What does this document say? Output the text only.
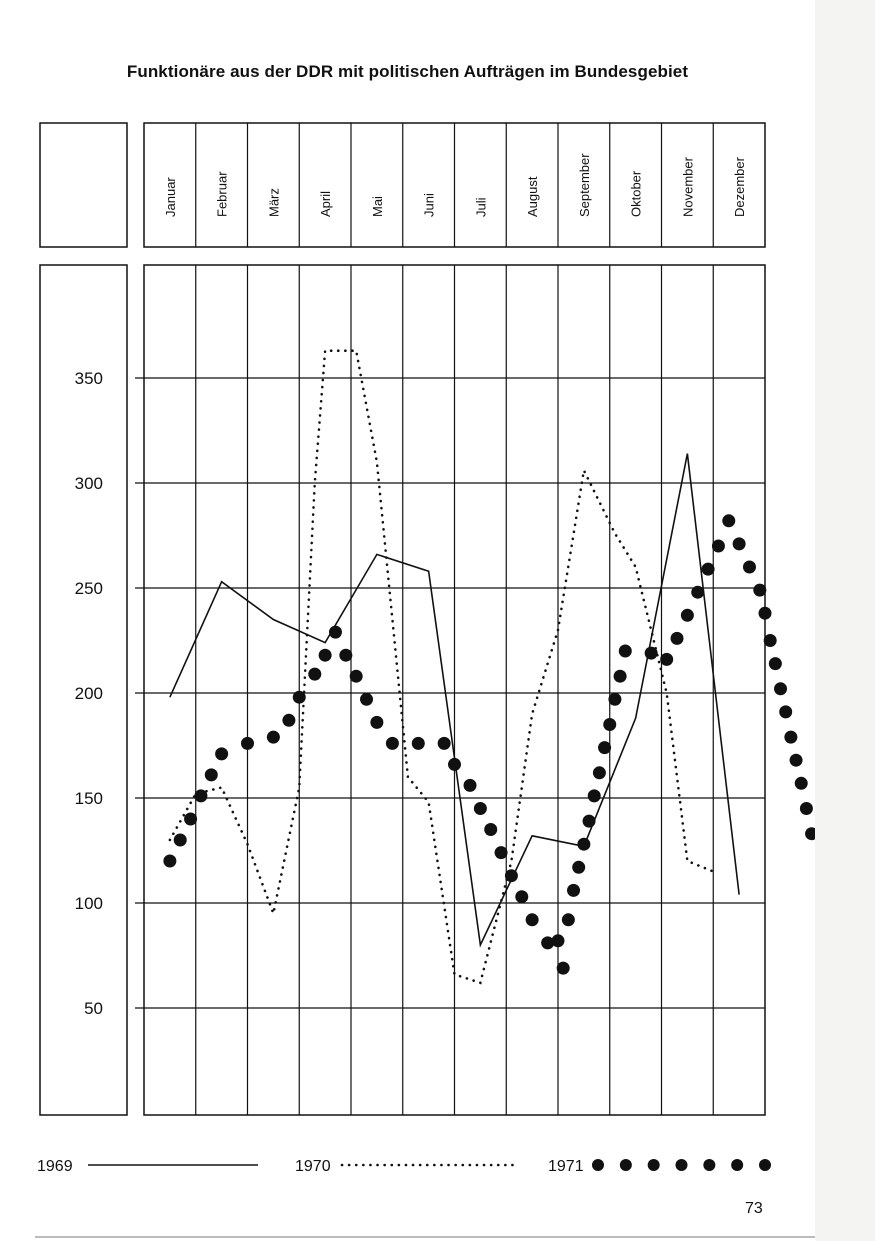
Funktionäre aus der DDR mit politischen Aufträgen im Bundesgebiet
Januar	Februar	März	April	Mai	Juni	Juli	August	September	Oktober	November	Dezember
350
300
250
200
150
100
50
1969	1970	1971
73
